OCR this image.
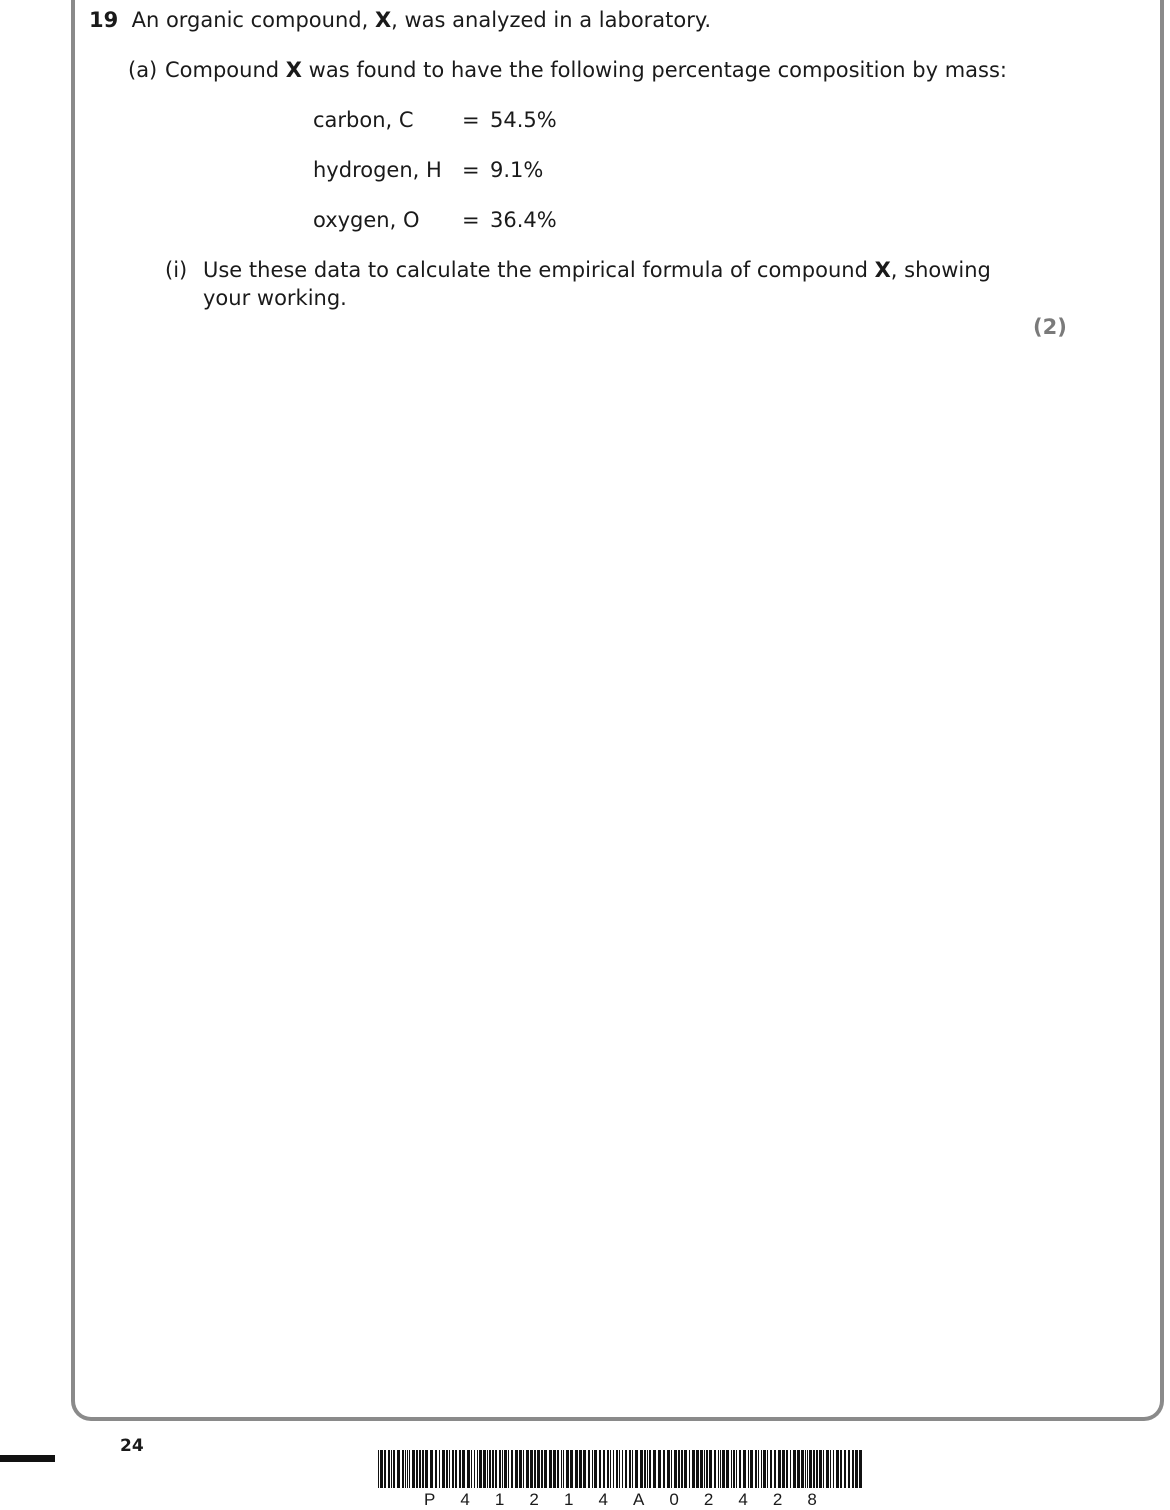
19 An organic compound, X, was analyzed in a laboratory.
(a) Compound X was found to have the following percentage composition by mass:
carbon, C = 54.5%
hydrogen, H = 9.1%
oxygen, O = 36.4%
(i) Use these data to calculate the empirical formula of compound X, showing
your working.
(2)
24
P 4 1 2 1 4 A 0 2 4 2 8
